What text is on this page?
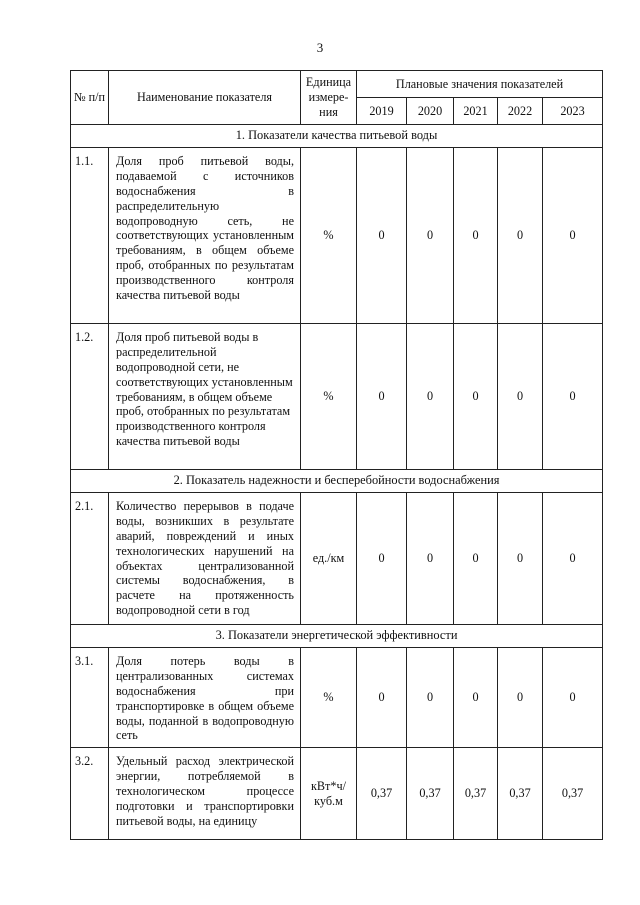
3
№ п/п	Наименование показателя	Единица измере-ния	Плановые значения показателей				
			2019	2020	2021	2022	2023
1. Показатели качества питьевой воды							
1.1.	Доля проб питьевой воды, подаваемой с источников водоснабжения в распределительную водопроводную сеть, не соответствующих установленным требованиям, в общем объеме проб, отобранных по результатам производственного контроля качества питьевой воды	%	0	0	0	0	0
1.2.	Доля проб питьевой воды в распределительной водопроводной сети, не соответствующих установленным требованиям, в общем объеме проб, отобранных по результатам производственного контроля качества питьевой воды	%	0	0	0	0	0
2. Показатель надежности и бесперебойности водоснабжения							
2.1.	Количество перерывов в подаче воды, возникших в результате аварий, повреждений и иных технологических нарушений на объектах централизованной системы водоснабжения, в расчете на протяженность водопроводной сети в год	ед./км	0	0	0	0	0
3. Показатели энергетической эффективности							
3.1.	Доля потерь воды в централизованных системах водоснабжения при транспортировке в общем объеме воды, поданной в водопроводную сеть	%	0	0	0	0	0
3.2.	Удельный расход электрической энергии, потребляемой в технологическом процессе подготовки и транспортировки питьевой воды, на единицу	кВт*ч/ куб.м	0,37	0,37	0,37	0,37	0,37
